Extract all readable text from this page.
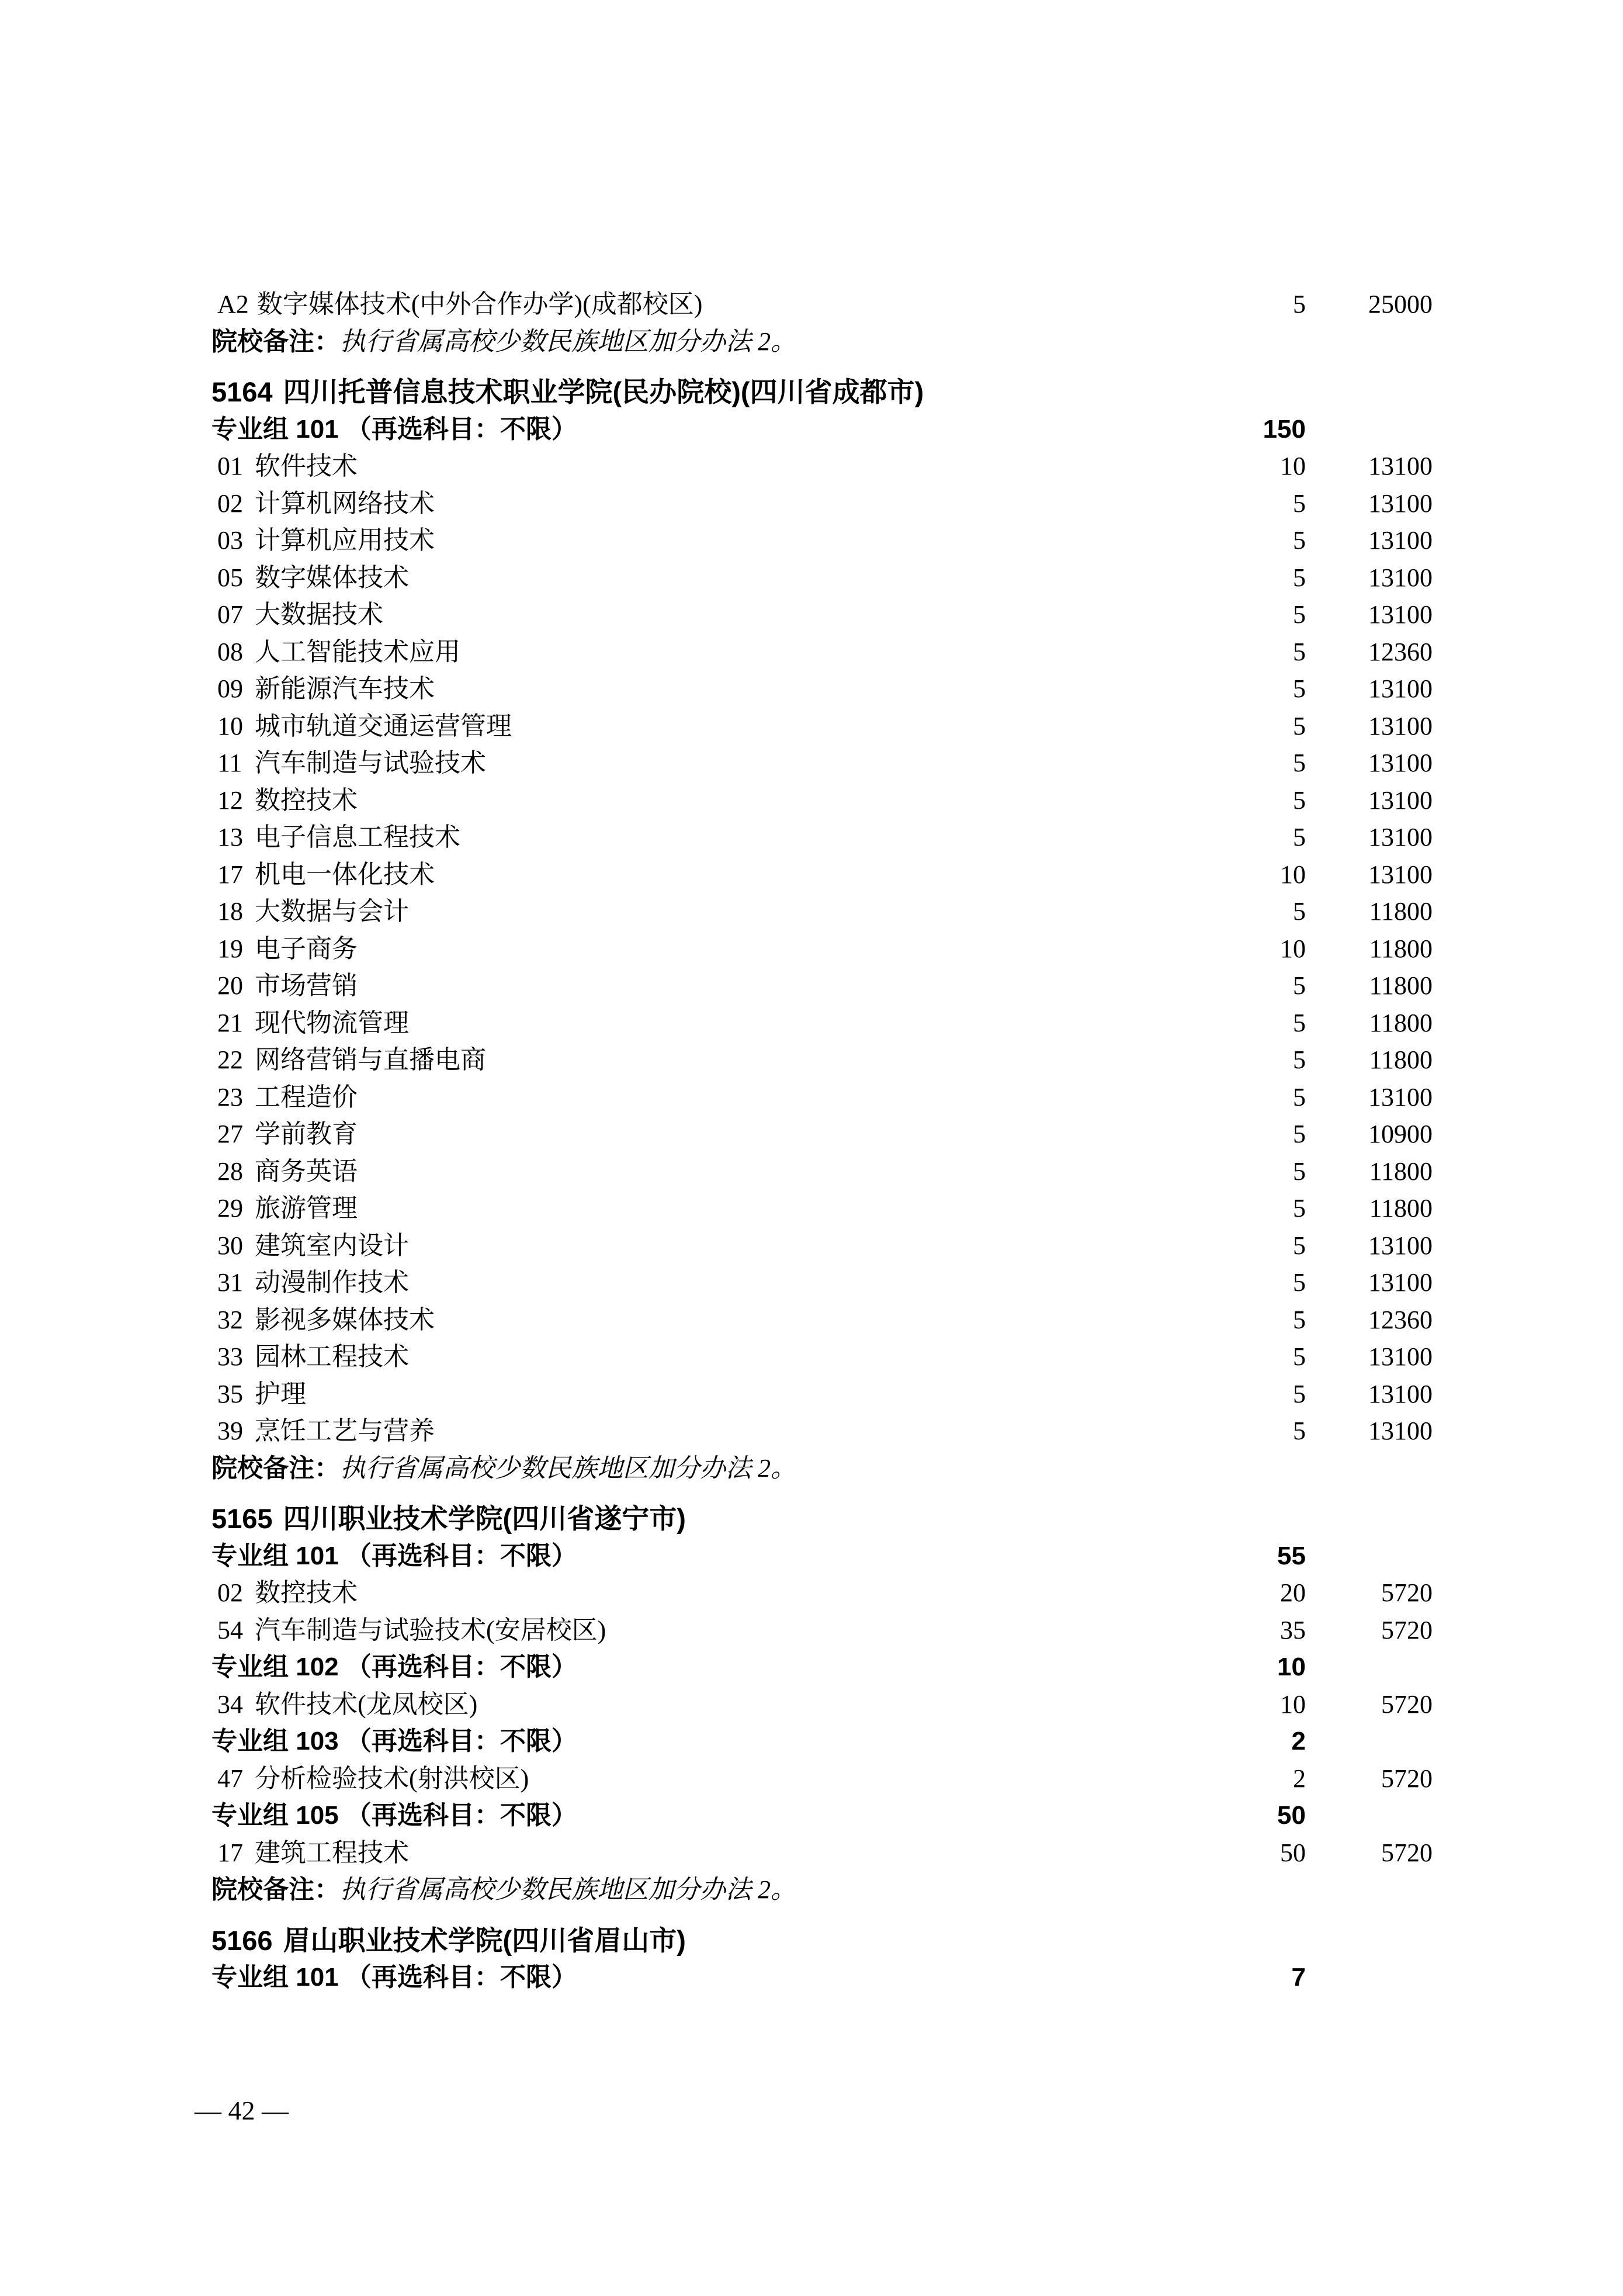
A2 数字媒体技术(中外合作办学)(成都校区)	5 25000
院校备注：执行省属高校少数民族地区加分办法 2。
5164 四川托普信息技术职业学院(民办院校)(四川省成都市)
专业组 101 （再选科目：不限）	150
01 软件技术	10 13100
02 计算机网络技术	5 13100
03 计算机应用技术	5 13100
05 数字媒体技术	5 13100
07 大数据技术	5 13100
08 人工智能技术应用	5 12360
09 新能源汽车技术	5 13100
10 城市轨道交通运营管理	5 13100
11 汽车制造与试验技术	5 13100
12 数控技术	5 13100
13 电子信息工程技术	5 13100
17 机电一体化技术	10 13100
18 大数据与会计	5 11800
19 电子商务	10 11800
20 市场营销	5 11800
21 现代物流管理	5 11800
22 网络营销与直播电商	5 11800
23 工程造价	5 13100
27 学前教育	5 10900
28 商务英语	5 11800
29 旅游管理	5 11800
30 建筑室内设计	5 13100
31 动漫制作技术	5 13100
32 影视多媒体技术	5 12360
33 园林工程技术	5 13100
35 护理	5 13100
39 烹饪工艺与营养	5 13100
院校备注：执行省属高校少数民族地区加分办法 2。
5165 四川职业技术学院(四川省遂宁市)
专业组 101 （再选科目：不限）	55
02 数控技术	20	5720
54 汽车制造与试验技术(安居校区)	35	5720
专业组 102 （再选科目：不限）	10
34 软件技术(龙凤校区)	10	5720
专业组 103 （再选科目：不限）	2
47 分析检验技术(射洪校区)	2	5720
专业组 105 （再选科目：不限）	50
17 建筑工程技术	50	5720
院校备注：执行省属高校少数民族地区加分办法 2。
5166 眉山职业技术学院(四川省眉山市)
专业组 101 （再选科目：不限）	7
— 42 —
